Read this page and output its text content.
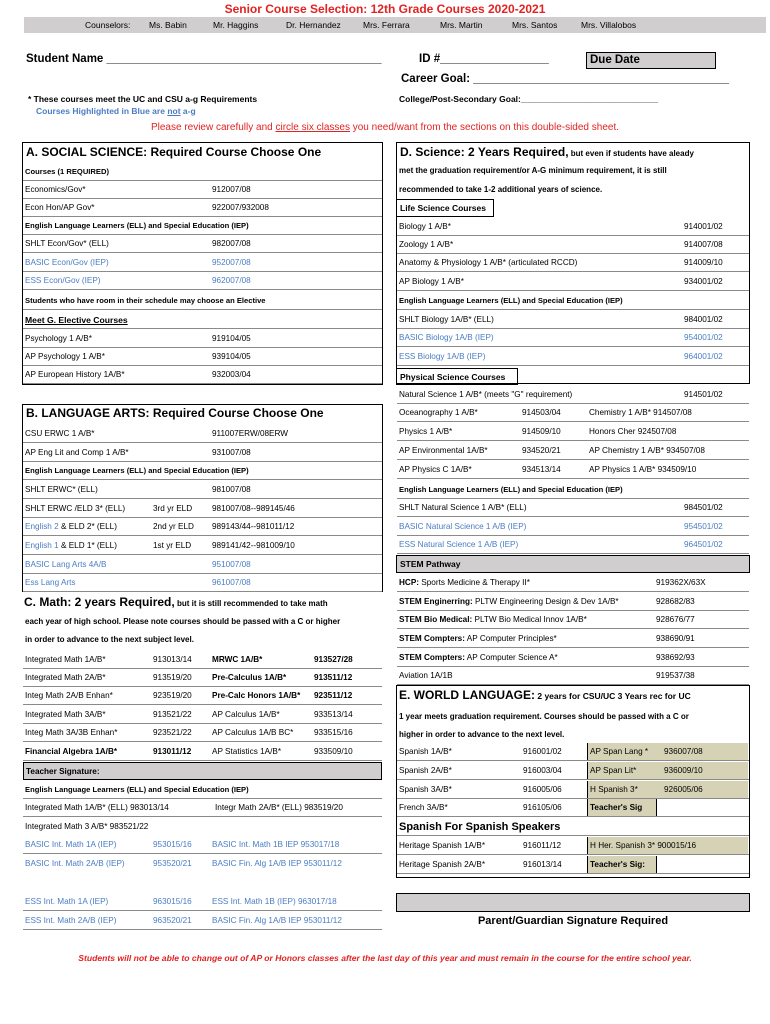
Senior Course Selection: 12th Grade Courses 2020-2021
Counselors: Ms. Babin	Mr. Haggins	Dr. Hernandez	Mrs. Ferrara	Mrs. Martin	Mrs. Santos	Mrs. Villalobos
Student Name ___________________________________________	ID #_________________	Due Date
Career Goal: ________________________________________
* These courses meet the UC and CSU a-g Requirements
Courses Highlighted in Blue are not a-g
College/Post-Secondary Goal:_____________________________
Please review carefully and circle six classes you need/want from the sections on this double-sided sheet.
A. SOCIAL SCIENCE: Required Course Choose One
Courses (1 REQUIRED)
Economics/Gov*	912007/08
Econ Hon/AP Gov*	922007/932008
English Language Learners (ELL) and Special Education (IEP)
SHLT Econ/Gov* (ELL)	982007/08
BASIC Econ/Gov (IEP)	952007/08
ESS Econ/Gov (IEP)	962007/08
Students who have room in their schedule may choose an Elective
Meet G. Elective Courses
Psychology 1 A/B*	919104/05
AP Psychology 1 A/B*	939104/05
AP European History 1A/B*	932003/04
D. Science: 2 Years Required, but even if students have aleady
met the graduation requirement/or A-G minimum requirement, it is still
recommended to take 1-2 additional years of science.
Life Science Courses
Biology 1 A/B*	914001/02
Zoology 1 A/B*	914007/08
Anatomy & Physiology 1 A/B* (articulated RCCD)	914009/10
AP Biology 1 A/B*	934001/02
English Language Learners (ELL) and Special Education (IEP)
SHLT Biology 1A/B* (ELL)	984001/02
BASIC Biology 1A/B (IEP)	954001/02
ESS Biology 1A/B (IEP)	964001/02
Physical Science Courses
Natural Science 1 A/B* (meets "G" requirement)	914501/02
Oceanography 1 A/B*	914503/04	Chemistry 1 A/B* 914507/08
Physics 1 A/B*	914509/10	Honors Cher 924507/08
AP Environmental 1A/B*	934520/21	AP Chemistry 1 A/B* 934507/08
AP Physics C 1A/B*	934513/14	AP Physics 1 A/B* 934509/10
English Language Learners (ELL) and Special Education (IEP)
SHLT Natural Science 1 A/B* (ELL)	984501/02
BASIC Natural Science 1 A/B (IEP)	954501/02
ESS Natural Science 1 A/B (IEP)	964501/02
B. LANGUAGE ARTS: Required Course Choose One
CSU ERWC 1 A/B*	911007ERW/08ERW
AP Eng Lit and Comp 1 A/B*	931007/08
English Language Learners (ELL) and Special Education (IEP)
SHLT ERWC* (ELL)	981007/08
SHLT ERWC /ELD 3* (ELL)	3rd yr ELD 981007/08--989145/46
English 2 & ELD 2* (ELL)	2nd yr ELD 989143/44--981011/12
English 1 & ELD 1* (ELL)	1st yr ELD	989141/42--981009/10
BASIC Lang Arts 4A/B	951007/08
Ess Lang Arts	961007/08
C. Math: 2 years Required, but it is still recommended to take math
each year of high school. Please note courses should be passed with a C or higher
in order to advance to the next subject level.
Integrated Math 1A/B*	913013/14 MRWC 1A/B*	913527/28
Integrated Math 2A/B*	913519/20 Pre-Calculus 1A/B*	913511/12
Integ Math 2A/B Enhan*	923519/20 Pre-Calc Honors 1A/B* 923511/12
Integrated Math 3A/B*	913521/22 AP Calculus 1A/B*	933513/14
Integ Math 3A/3B Enhan*	923521/22 AP Calculus 1A/B BC*	933515/16
Financial Algebra 1A/B*	913011/12	AP Statistics 1A/B*	933509/10
Teacher Signature:
English Language Learners (ELL) and Special Education (IEP)
Integrated Math 1A/B* (ELL) 983013/14	Integr Math 2A/B* (ELL) 983519/20
Integrated Math 3 A/B* 983521/22
BASIC Int. Math 1A (IEP)	953015/16 BASIC Int. Math 1B IEP 953017/18
BASIC Int. Math 2A/B (IEP)	953520/21 BASIC Fin. Alg 1A/B IEP 953011/12
ESS Int. Math 1A (IEP)	963015/16 ESS Int. Math 1B (IEP) 963017/18
ESS Int. Math 2A/B (IEP)	963520/21 BASIC Fin. Alg 1A/B IEP 953011/12
STEM Pathway
HCP: Sports Medicine & Therapy II*	919362X/63X
STEM Enginerring: PLTW Engineering Design & Dev 1A/B*	928682/83
STEM Bio Medical: PLTW Bio Medical Innov 1A/B*	928676/77
STEM Compters: AP Computer Principles*	938690/91
STEM Compters: AP Computer Science A*	938692/93
Aviation 1A/1B	919537/38
E. WORLD LANGUAGE: 2 years for CSU/UC 3 Years rec for UC
1 year meets graduation requirement. Courses should be passed with a C or
higher in order to advance to the next level.
Spanish 1A/B*	916001/02	AP Span Lang * 936007/08
Spanish 2A/B*	916003/04	AP Span Lit*	936009/10
Spanish 3A/B*	916005/06	H Spanish 3*	926005/06
French 3A/B*	916105/06	Teacher's Sig
Spanish For Spanish Speakers
Heritage Spanish 1A/B*	916011/12	H Her. Spanish 3* 900015/16
Heritage Spanish 2A/B*	916013/14	Teacher's Sig:
Parent/Guardian Signature Required
Students will not be able to change out of AP or Honors classes after the last day of this year and must remain in the course for the entire school year.
